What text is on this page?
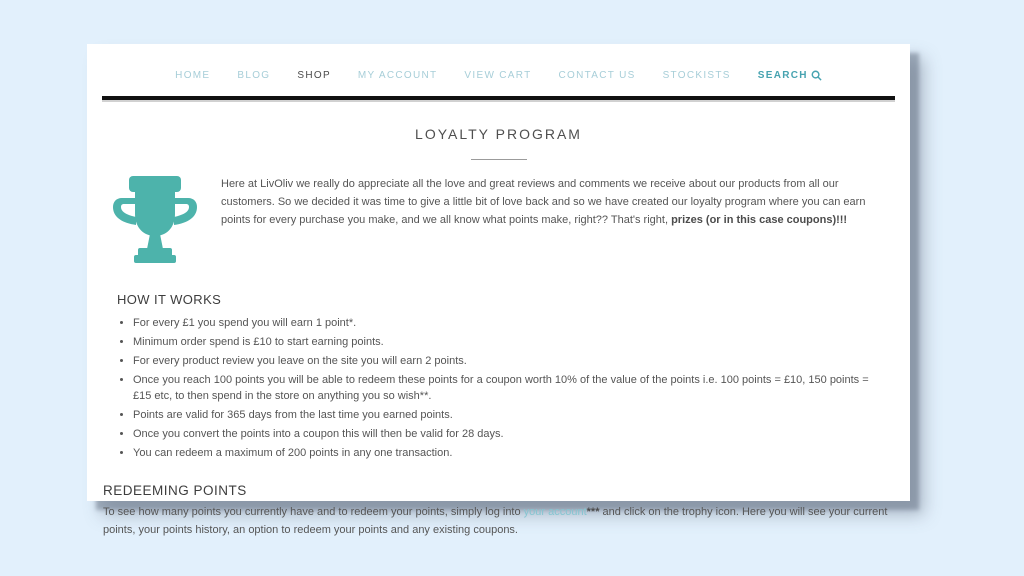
HOME	BLOG	SHOP	MY ACCOUNT	VIEW CART	CONTACT US	STOCKISTS	SEARCH
LOYALTY PROGRAM

Here at LivOliv we really do appreciate all the love and great reviews and comments we receive about our products from all our customers. So we decided it was time to give a little bit of love back and so we have created our loyalty program where you can earn points for every purchase you make, and we all know what points make, right?? That's right, prizes (or in this case coupons)!!!

HOW IT WORKS
• For every £1 you spend you will earn 1 point*.
• Minimum order spend is £10 to start earning points.
• For every product review you leave on the site you will earn 2 points.
• Once you reach 100 points you will be able to redeem these points for a coupon worth 10% of the value of the points i.e. 100 points = £10, 150 points = £15 etc, to then spend in the store on anything you so wish**.
• Points are valid for 365 days from the last time you earned points.
• Once you convert the points into a coupon this will then be valid for 28 days.
• You can redeem a maximum of 200 points in any one transaction.
REDEEMING POINTS

To see how many points you currently have and to redeem your points, simply log into your account*** and click on the trophy icon. Here you will see your current points, your points history, an option to redeem your points and any existing coupons.
